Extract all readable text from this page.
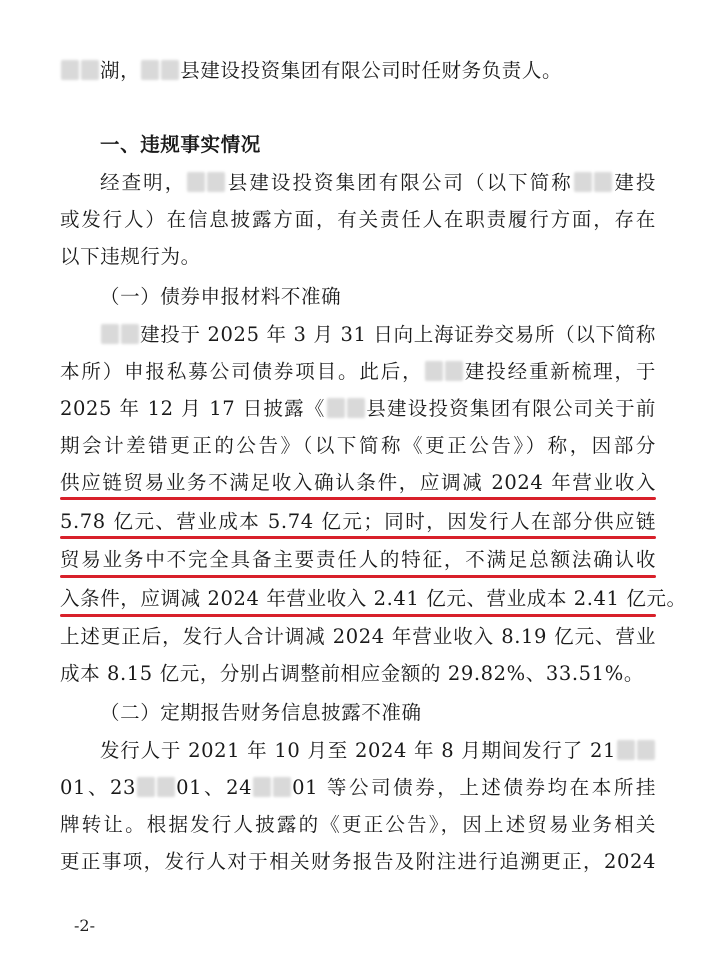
湖， 县建设投资集团有限公司时任财务负责人。
一、违规事实情况
经查明， 县建设投资集团有限公司（以下简称 建投
或发行人）在信息披露方面，有关责任人在职责履行方面，存在
以下违规行为。
（一）债券申报材料不准确
建投于 2025 年 3 月 31 日向上海证券交易所（以下简称
本所）申报私募公司债券项目。此后， 建投经重新梳理，于
2025 年 12 月 17 日披露《 县建设投资集团有限公司关于前
期会计差错更正的公告》（以下简称《更正公告》）称，因部分
供应链贸易业务不满足收入确认条件，应调减 2024 年营业收入
5.78 亿元、营业成本 5.74 亿元；同时，因发行人在部分供应链
贸易业务中不完全具备主要责任人的特征，不满足总额法确认收
入条件，应调减 2024 年营业收入 2.41 亿元、营业成本 2.41 亿元。
上述更正后，发行人合计调减 2024 年营业收入 8.19 亿元、营业
成本 8.15 亿元，分别占调整前相应金额的 29.82%、33.51%。
（二）定期报告财务信息披露不准确
发行人于 2021 年 10 月至 2024 年 8 月期间发行了 21
01、23 01、24 01 等公司债券，上述债券均在本所挂
牌转让。根据发行人披露的《更正公告》，因上述贸易业务相关
更正事项，发行人对于相关财务报告及附注进行追溯更正，2024
-2-
